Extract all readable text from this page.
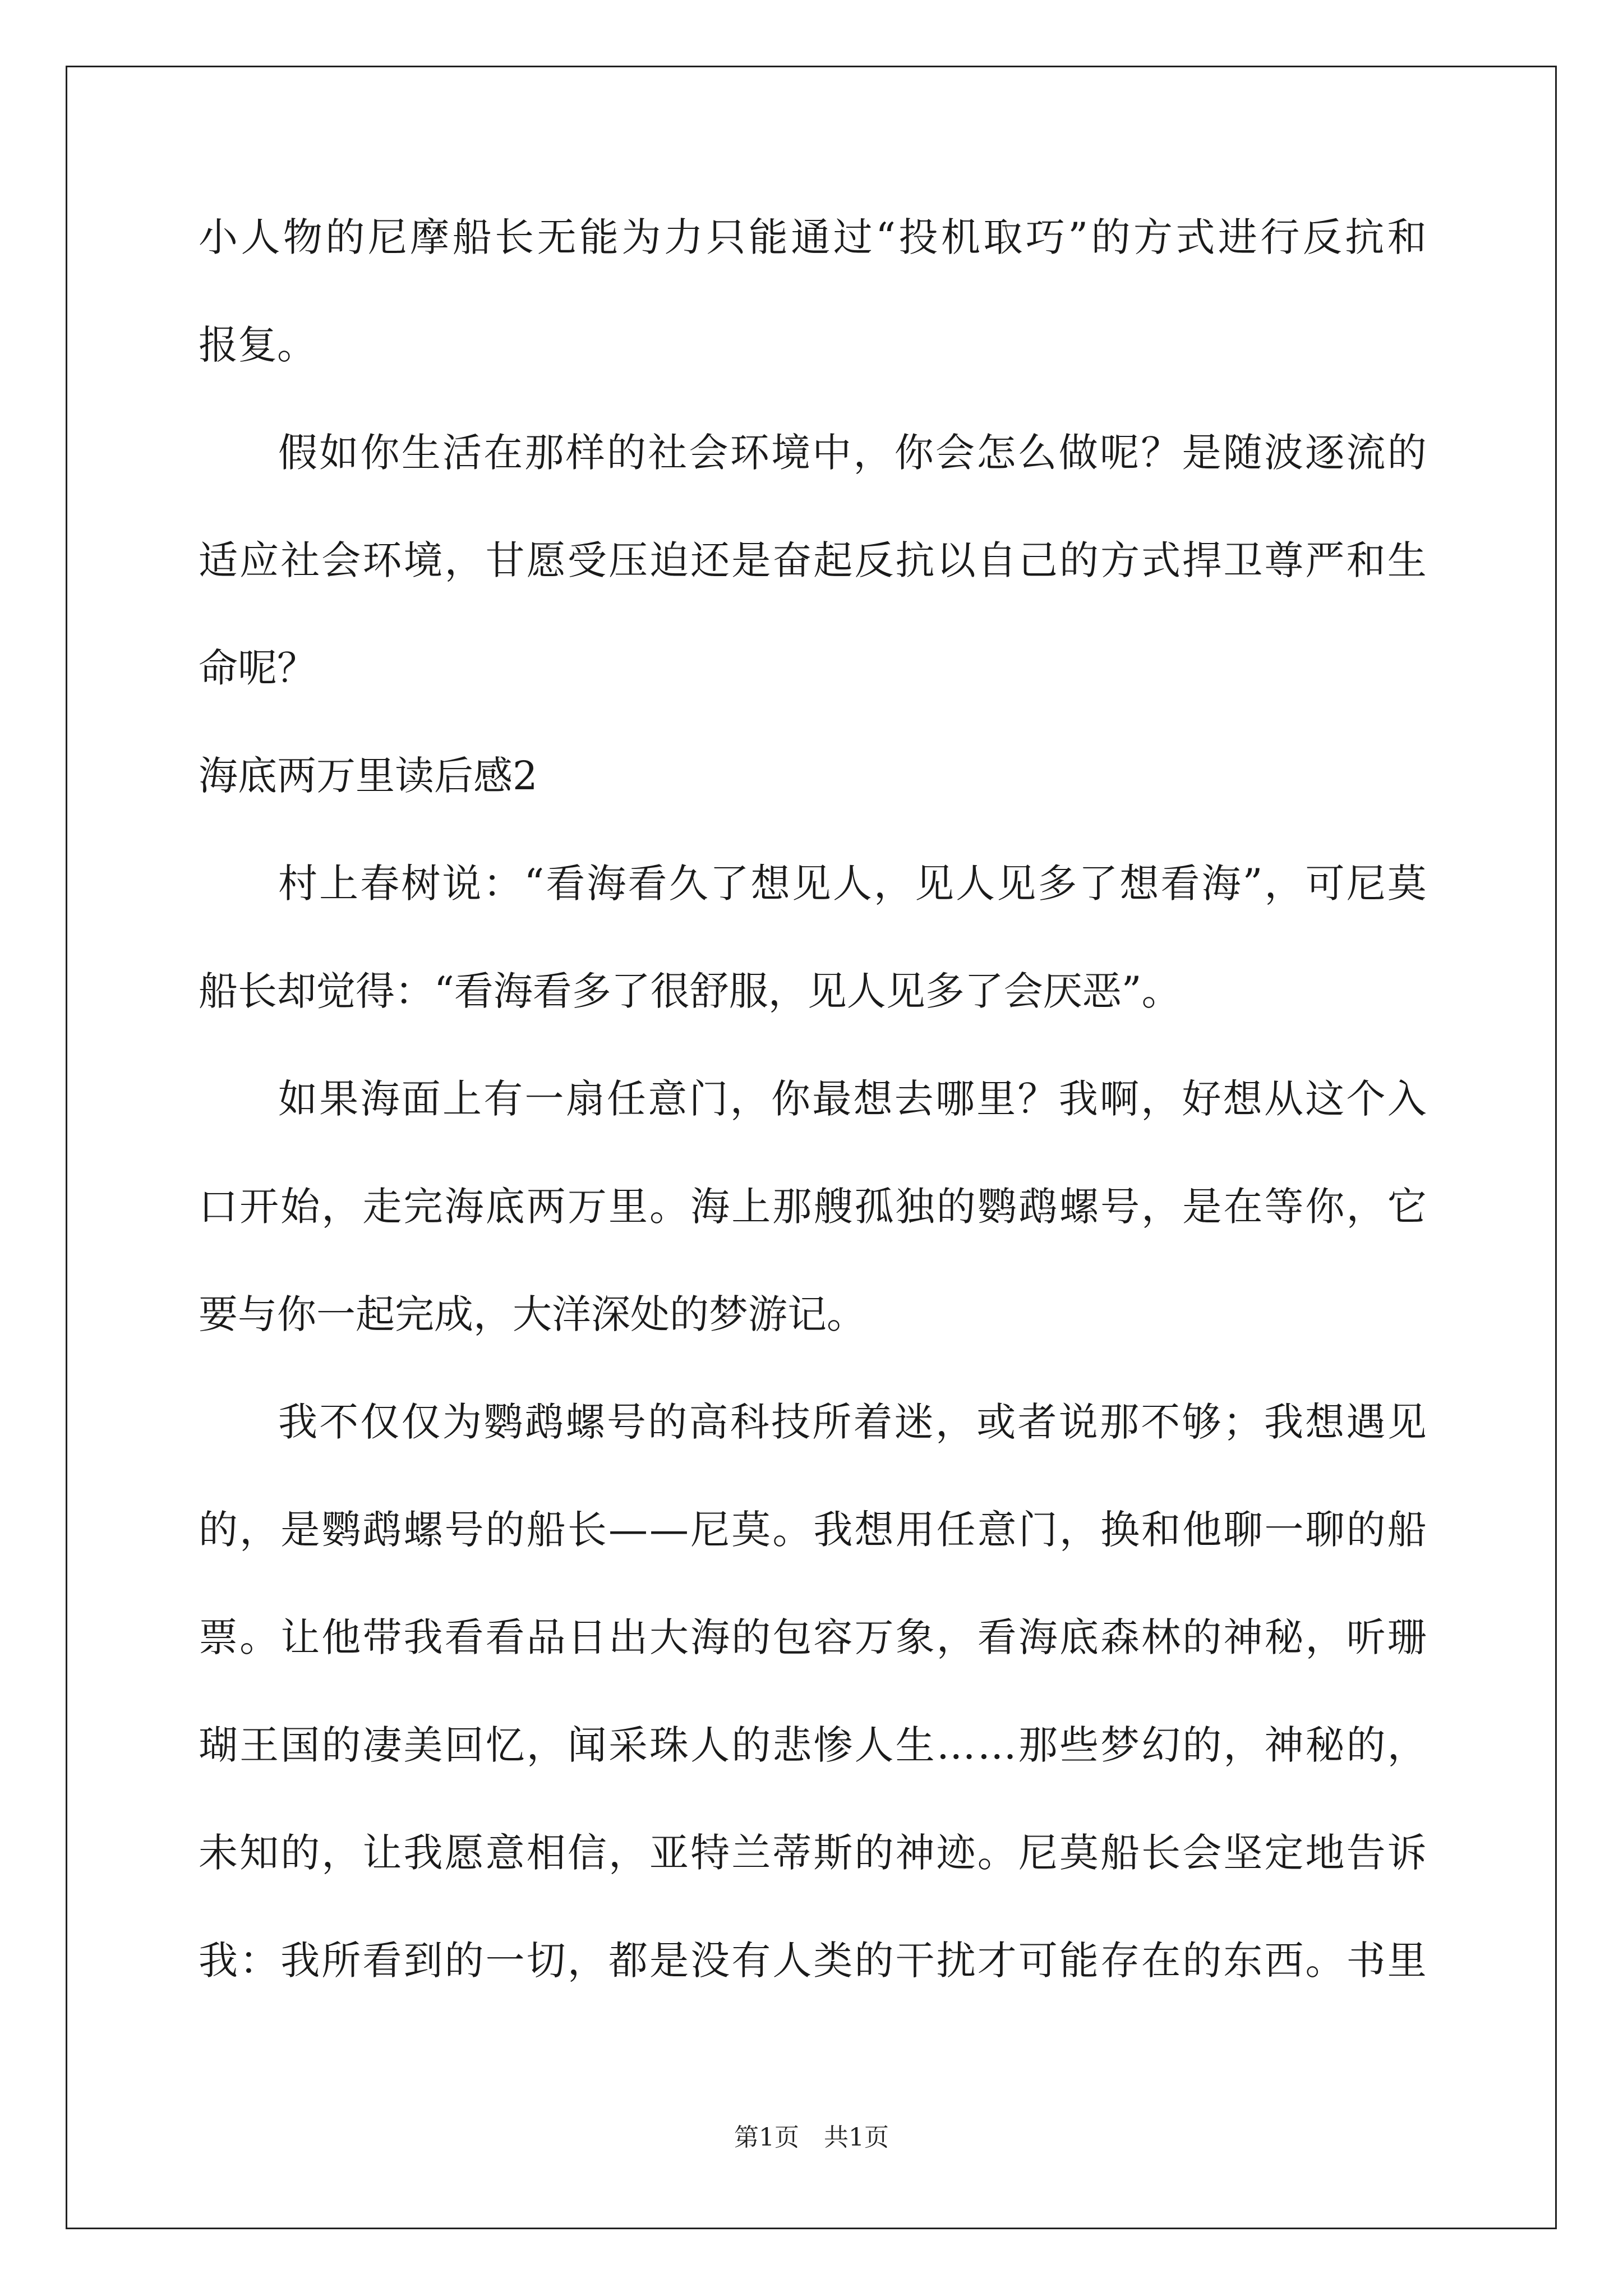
小 人 物 的 尼 摩 船 长 无 能 为 力 只 能 通 过 “ 投 机 取 巧 ” 的 方 式 进 行 反 抗 和
报复。
假 如 你 生 活 在 那 样 的 社 会 环 境 中 ， 你 会 怎 么 做 呢 ？ 是 随 波 逐 流 的
适 应 社 会 环 境 ， 甘 愿 受 压 迫 还 是 奋 起 反 抗 以 自 己 的 方 式 捍 卫 尊 严 和 生
命呢？
海底两万里读后感2
村 上 春 树 说 ： “ 看 海 看 久 了 想 见 人 ， 见 人 见 多 了 想 看 海 ” ， 可 尼 莫
船长却觉得：“看海看多了很舒服，见人见多了会厌恶”。
如 果 海 面 上 有 一 扇 任 意 门 ， 你 最 想 去 哪 里 ？ 我 啊 ， 好 想 从 这 个 入
口 开 始 ， 走 完 海 底 两 万 里 。 海 上 那 艘 孤 独 的 鹦 鹉 螺 号 ， 是 在 等 你 ， 它
要与你一起完成，大洋深处的梦游记。
我 不 仅 仅 为 鹦 鹉 螺 号 的 高 科 技 所 着 迷 ， 或 者 说 那 不 够 ； 我 想 遇 见
的 ， 是 鹦 鹉 螺 号 的 船 长 — — 尼 莫 。 我 想 用 任 意 门 ， 换 和 他 聊 一 聊 的 船
票 。 让 他 带 我 看 看 品 日 出 大 海 的 包 容 万 象 ， 看 海 底 森 林 的 神 秘 ， 听 珊
瑚 王 国 的 凄 美 回 忆 ， 闻 采 珠 人 的 悲 惨 人 生 … … 那 些 梦 幻 的 ， 神 秘 的 ，
未 知 的 ， 让 我 愿 意 相 信 ， 亚 特 兰 蒂 斯 的 神 迹 。 尼 莫 船 长 会 坚 定 地 告 诉
我 ： 我 所 看 到 的 一 切 ， 都 是 没 有 人 类 的 干 扰 才 可 能 存 在 的 东 西 。 书 里
第1页　共1页
